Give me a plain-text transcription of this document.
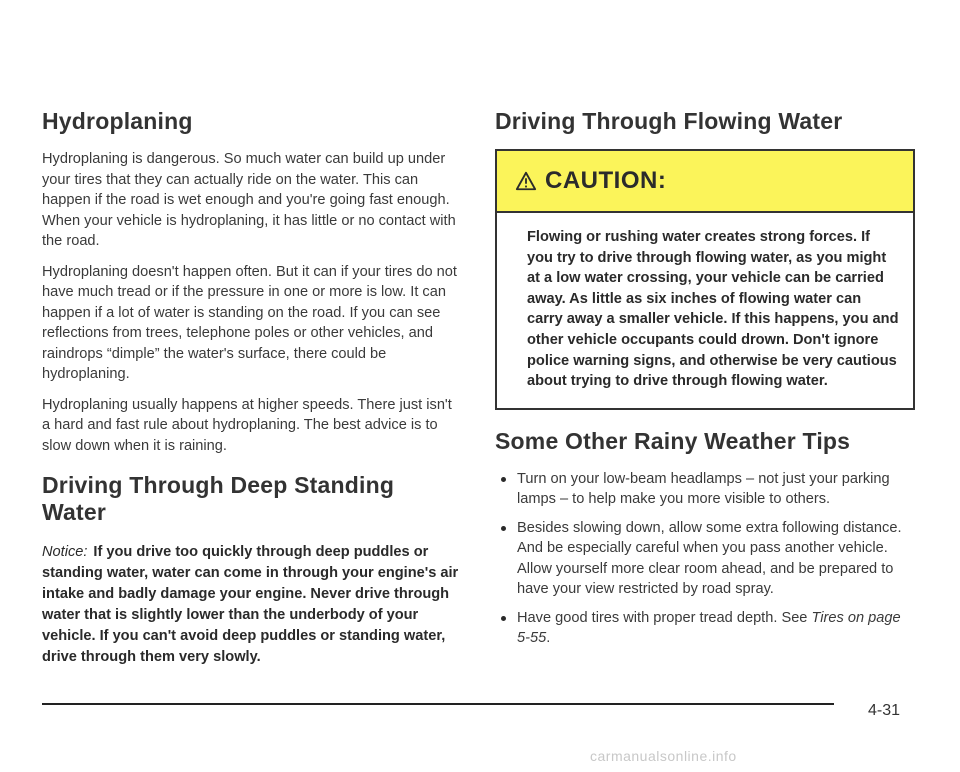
Hydroplaning

Hydroplaning is dangerous. So much water can build up under your tires that they can actually ride on the water. This can happen if the road is wet enough and you're going fast enough. When your vehicle is hydroplaning, it has little or no contact with the road.

Hydroplaning doesn't happen often. But it can if your tires do not have much tread or if the pressure in one or more is low. It can happen if a lot of water is standing on the road. If you can see reflections from trees, telephone poles or other vehicles, and raindrops “dimple” the water's surface, there could be hydroplaning.

Hydroplaning usually happens at higher speeds. There just isn't a hard and fast rule about hydroplaning. The best advice is to slow down when it is raining.

Driving Through Deep Standing Water

Notice: If you drive too quickly through deep puddles or standing water, water can come in through your engine's air intake and badly damage your engine. Never drive through water that is slightly lower than the underbody of your vehicle. If you can't avoid deep puddles or standing water, drive through them very slowly.

Driving Through Flowing Water
CAUTION:
Flowing or rushing water creates strong forces. If you try to drive through flowing water, as you might at a low water crossing, your vehicle can be carried away. As little as six inches of flowing water can carry away a smaller vehicle. If this happens, you and other vehicle occupants could drown. Don't ignore police warning signs, and otherwise be very cautious about trying to drive through flowing water.
Some Other Rainy Weather Tips
Turn on your low-beam headlamps – not just your parking lamps – to help make you more visible to others.
Besides slowing down, allow some extra following distance. And be especially careful when you pass another vehicle. Allow yourself more clear room ahead, and be prepared to have your view restricted by road spray.
Have good tires with proper tread depth. See Tires on page 5-55.
4-31
carmanualsonline.info
